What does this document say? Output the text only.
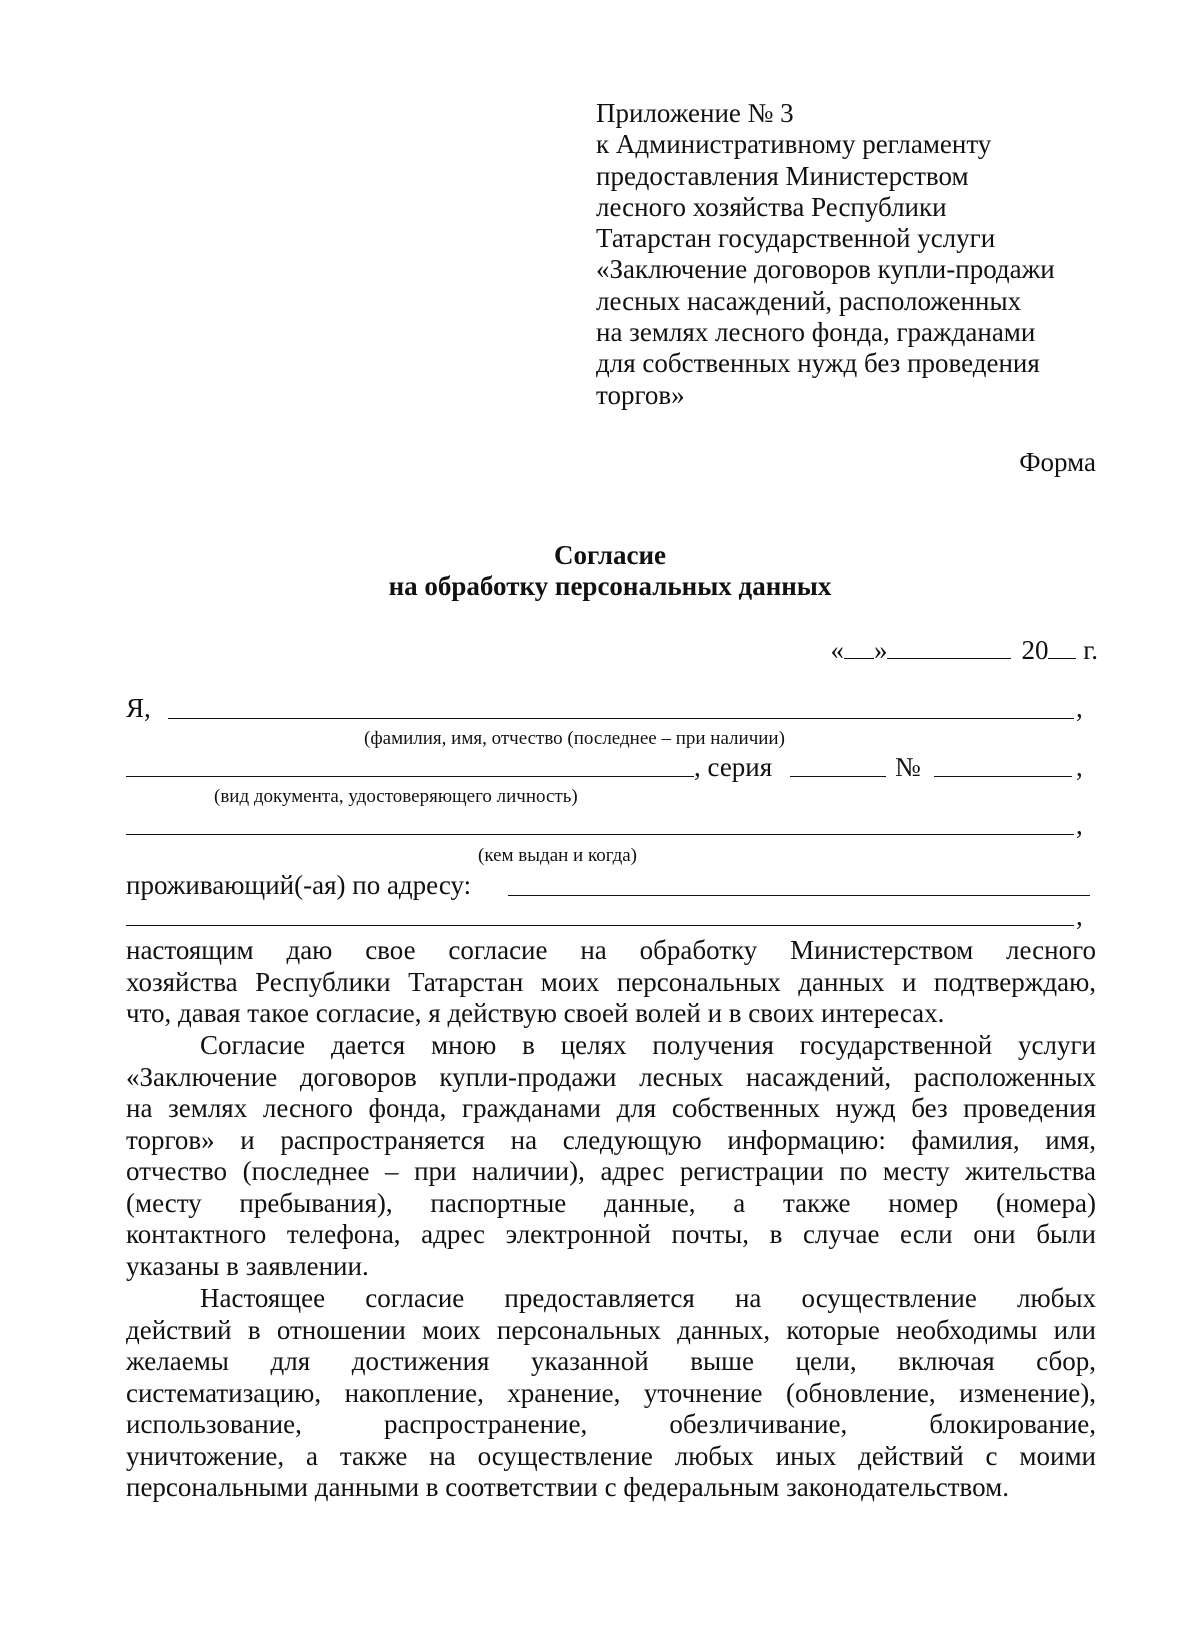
Приложение № 3
к Административному регламенту
предоставления Министерством
лесного хозяйства Республики
Татарстан государственной услуги
«Заключение договоров купли-продажи
лесных насаждений, расположенных
на землях лесного фонда, гражданами
для собственных нужд без проведения
торгов»
Форма
Согласие
на обработку персональных данных
« »	20 г.
Я,	,
(фамилия, имя, отчество (последнее – при наличии)
, серия	№	,
(вид документа, удостоверяющего личность)
,
(кем выдан и когда)
проживающий(-ая) по адресу:
,
настоящим даю свое согласие на обработку Министерством лесного
хозяйства Республики Татарстан моих персональных данных и подтверждаю,
что, давая такое согласие, я действую своей волей и в своих интересах.
Согласие дается мною в целях получения государственной услуги
«Заключение договоров купли-продажи лесных насаждений, расположенных
на землях лесного фонда, гражданами для собственных нужд без проведения
торгов» и распространяется на следующую информацию: фамилия, имя,
отчество (последнее – при наличии), адрес регистрации по месту жительства
(месту пребывания), паспортные данные, а также номер (номера)
контактного телефона, адрес электронной почты, в случае если они были
указаны в заявлении.
Настоящее согласие предоставляется на осуществление любых
действий в отношении моих персональных данных, которые необходимы или
желаемы для достижения указанной выше цели, включая сбор,
систематизацию, накопление, хранение, уточнение (обновление, изменение),
использование, распространение, обезличивание, блокирование,
уничтожение, а также на осуществление любых иных действий с моими
персональными данными в соответствии с федеральным законодательством.
